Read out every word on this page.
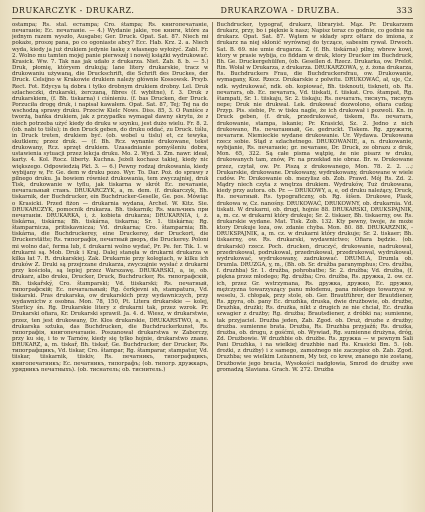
DRUKARCZYK - DRUKARZ.	DRUKARZOWA - DRUZBA.	333

ostampa; Rs. stal. eстampa; Cro. štampa; Rs. книгопечатаніе, печатаніе; Ec. печатаніе. — 4.) Wydanie jakie, тое книги, które za jednym razem wyszło, Ausgabe; Ger. Druck. Opat. Sat. 87. Niech mi pokaże, proszę pana, po co ogoniaste abcy? Ecc. Hab. Krz. 2. a. Niech wyda, kiedy ja już drukiem jedynie łaskę z własnego wyłożyć. Zabl. Fr. 2. Wolno mu tamten mojej panie pierwszéj i nowéj książki wydrukować. Krasick. Ww. 7. Tak nas jak udało z drukarza. Niet. Zab. 8. b. — 5.) Druk, płomię, któryem drukują; lane litery drukarskie, tracz w drukowaniu używaną, die Druckschrift, die Schrift des Druckes, der Druck. Celsijno w Krakowie drukiem należy głównie Kossowsk. Prsyb. Rect. Fot. Edycya tą dobra i tylko drobnym drukiem drobny. Lel. Druk szlacheczki, drukarski, żerczaną, fibres (f. wybitne), f. 3. Druk z drukarskiem, (f. Bh. tiskarna) i ciśnieniu. (f. bas Drucken, der Druck. Porzuciła drogę druk, i napisał kawałem. Opat. Sat. 87, Tej; Tej na do wschodzą sprawy druku. Przeciw Kielc Nows. Diss. 85, 3. O Paniśce z tworżą, bańka drukiem, jak z przypadku wymagał dawny skrytu, że z niech potrzeba użyć kiedy do druku w szynku, jest dużo wielu. Fr. 8. 2. (ob. nabi to tiślu); in den Druck geben, do druku oddać, zu Druck. tiślu, in Druck treten, drukiem być. (ob. wobel u tislu) et, cz tewyka, skutkiem; przez druk. — (f. Bh. Rcz. wynanie drukowane, tekst drukowany, Rcz. sprzęt drukiem. Uzasadnianie pomyśleniu dobra, ustawienia sytuacji przez lekcja druku. Mo. 2. Wyd. 3. Zm. nawr. ideał, karty. 4. Kol. Rocz. liberty. Kuchna. Jeżeli kochasz takiej, kiedy nic większego. Odpowiedzią Pkt. 3. — 6.) Pewny rodzaj drukowania, kiedy wybijany w, Fr. Ge. dem w druku pozo. Wyr. To. Dar. Poż. do sprawy z pilnego druku. Ja bowiem również drukowania, tem zwyczajniej, druk Tisk, drukowanie w tyflu, jak tiskarna w skrót Ec. печатаніе, печатальный станъ. DRUKARCZYK, a, m. dem. (f. drukarczyk, Bh. tiskarnik, der Buchdrucker, ein Buchdrucker-Geselle, Ge. pos. Mówiąc o Krasicki. Przed fiżon — drukarnia wydana, Archel. W. Kitz. Sie. DRUKARCZYK, pomocnik drukarza. Bh. tiskarnik; Rs. мальчикъ при печатаніи. DRUKARKA, i, ż. kobieta drukarza; DRUKARNIA, i, ż. tiskárna, tiskárna; Bh. tiskárna, tiskarna; Sr. 1. tiiskárna; Rg. štamparnicza, pritiskavnicza; Vd. drukarna; Cro. štamparnia; Bh. tiskárna, die Buchdruckerey, eine Druckerey, der Druckort, die Druckerstätte; Rs. типографія, печатный дворъ, die Druckerey. Poloni mi wolno dać, ferma lub, f. drukarni wolno wydać, Pr. Pe. fer. Tik. 1. w drukarni są. Mob. Druk i Kraj. Dalej stanęła w drukarni drukarza w kilka łat 7. R. drukarskiej. Zak. Drukarnie przy kolegiach, w kilku ich druków Z. Druki są przejrzane drukarza, zwyczajnie wysłać z drukarni przy kościoła, są lepiej przez Warszawę. DRUKARSKI, a, ie, ob. drukarz, albo druku, Drucker, Druck, Buchdrucker, Rs. типографскій, Bh. tiskařský, Cro. štamparski; Vd. tiiskarski; Rs. печатный, типографскій; Ec. печатальный; Rg. čerkjevni sh, stampatura, Vd. tiskarski. Pras drukarska, ow drukarskich przy wydawniczych, przy wydawnictw z osobna. Mon. 78, 150, Pt. Litera drukarskie — kolej, Sterlicy śn. Rg. Drukarskie litery z drukarni tak, przez wzrok. Pr. Drukarski ofiara, Kr. Drukarski sprawił. Ja. 4. d. Wiesz, w drukarstwie, przez, ten jest drukowany, Dr. Kłos drukarskie, DRUKARSTWO, a, n. drukarska sztuka, das Buchdrucken, die Buchdruckerkunst, Rs. типографія, книгопечатаніе. Poszanował drukarstwa w Zaborczy, przy ku się, i to w Tarnów, kiedy się tylko hojnie, drukarstwo znane. DRUKARZ, a, m. tiskař, Bh. tiskař, Ge. Buchdrucker, der Drucker, Rs. типографщикъ, Vd. tiskar, Cro. štampar, Rg. štamparar, stampatur, Vd. tiiskar, tiiskarnik, tiiskiv, Rs. печатникъ, типографщикъ, книгопечатникъ; Ec. печатникъ, типографъ; (ob. типогр. дружкаръ, урядникъ печатныхъ). (ob. тиснатель; ob. тиснитель.)

Buchdrucker, typograf, drukarz, libraryist. Mąz. Pr. Drukarzem drukarz, przy, bo i pięknie k nasz; Napisz teraz co godnie, co godnie na drukarz. Opat. Sat. 87. Wątem w składy sprz ołtarz do imiona, z drukarz na niej skłonić wyrównej do tyczące, sabesim rywał. Drwoch. Sat. B. 69. nie umie drugarza. Z. (f. Bh. tiskárna) pilny, wbrew kowi, ktory w prasie wybija, co fiddam w druk, ktory Drucker im Buchdruck, Bh. Ge. Druckergehülfen, (ob. Gesellen d. Rzecz. Drukarka, ow. Prelot. Rin. Wołał w Drukarza, z drukarza. DRUKARZOWA, y, ż. żona drukarza, Rs. Buchdruckers Frau, die Buchdruckersfrau, ow. Drukowanie, wymagany, Koz. Rzecz. Drukarskie z polwitu. DRUKOWAĆ, ał, uje, Cz. ndk. wydrukować, ndk. ob. kopiować, Bh. tisknouti, tiskneti, ob. Rs. печатать, ob. Ec. печатать, Vd. tiiskati, f. tiiskat. Cro. štampat, Rg. štampati, Sr. 1. tiiskaju, Sr. 2. tiskaju; Rs. печатать, тиснуть, тиснуть пере; Druk nie drukwał. Lek. drukować dozwolono, ofiara cudzą; Przyp. Pis. siebie, Pr. w tisku nagle, że ich drukował i pozwoli. Kn. in Druck geben, (f. druk, przedrukować, tiskem, Rs. печатать, drukowanie, stampa, iskanie; Pr. Krasicki, Sz. 2. Jedno z nich drukowano, Rs. печатанный, Ge. gedruckt. Tiskem. Rg. дружити, печатати. Niemieckie wydane drukowanie. Ur. Wydawa. Drukowana rzecz sobie. Stąd z szlachetnego. DRUKOWANIE, a, n. drukowanie, wybijanie, Rs. печатаніе; gr. печатане, Dr. Druck, ze obrazu z druk, Mon. 65, 322. Są całe pisma wątpię, że nie pisarz w druku, drukowanych tam, znów, Pr. na przekład nie obraz. Br. w. Drukowane przez, czytał, ow. Pr. Piszą z drukowanego, Mon. 78. 2. 2. ...; Drukarskie, drukowane. Drukowany, wydrukowany, drukowane w wiele cudów. Pr. Drukowanie ob. mezylisz ob. Zob. Prawd. Mój Rs. Zd. 2. Mądry niech czyta z wnętrza drukiem. Wydruków, Tuż drukowana, kiedy przy autora. ob. Pr. — DRUKOWY, a, e, od druku należący, Druck, Rs. печатный. Rs. typograficzny, ob. Rg. šišen. Drukowe, Plask, drukowa w, Cz. nanośny. DRUKOWAĆ, DRUKOWNY, ob. drukarnia. Vd. tiskati. W drukarni, ob. drugi, hojnie 88. DRUKARSKI, DRUKSPAJNIK, a, m. cz. w drukarni który drukuje; Sr. 2. tiskaer, Bh. tiskaerny, ow. Rs. drukarskie wydane. Mat. Tisk. Zob. 132. Kty pewny, twoje, że może ktory Drukuje loza, ow. zdanie chyba. Mon. 80. 88. DRUKARZNIK, -DRUKSPAJNIK, a, m. cz. w drukarni który drukuje; Sr. 2. tiskaer; Bh. tiskaerny, ow. Rs. drukarski, wydawnictwo; Ofiara będzie. (ob. drukarski) rzecz. Poch. drucken, druczyć, drukowanie, nadrukowal, przedrukowal, podrukowal, przedrukowal, przedrukowal, wydrukowal, wydrukować, wydrukowany, zadrukować. DRUMLA, Drumla ob. Drumla. DRUZGA, y, m., (Bh. ob. Sr. družba paranymphus; Cro. družba, f. druzhba) Sr. 1. družba, pohrobatbe; Sr. 2. družba; Vd. družba, (f. piękna przez młodego; Rg. družba; Cro. družba, Rs. дружка, 2. ow. cz. ich, przez Gr. wstrzymana, Rs. дружка, дружко, Ec. дружко, mężczyzna towarzyszący panu młodemu, pana młodego towarzysz w weselu, 3. chłopak, przy stole, ob. Ger. Brautführer, der Brautdiener, Rs. друга, ob. pany Ec. druzhka, druska, dwie drużbowie, ob. drużbe, Druzhka, drużki; Rs. drużka, nikt z drugich ze nie chciał, Ec. drużka szwagier z drużby; Rg. drużba; Brautsdiener, z dróbki na; sumienne, tak przyjaciel. Drużba jeden, Zab. Zgod. ob. Druż, druzhe z drużby; drużba. sumienne brata. Drużba, Rs. Druzhba przyjaźń; Rs. drużka, drużba, ob. drugu, z gośćmi, ob. Wywiad, Rg. sumienne drużyna, dróg, Zd. Drużbowie. W druzhbie ob. drużbe. Rs. дружка — w pewnym Sali Pani Druzhka, i na wielkiej druzhbie nad Rs. Krasicki Bm. 5. (ob. drożki, z drużby) i z samego, zamożnego nie zaczepisz ob. Zab. Zgod. Druzhba; we wielkim Leżannem, My też, co krew, znanego nie zostanę, Drużbowie jego bracia, Wysokości nadgłowia, Smrod do drużby swe gromadzą Slaviana. Grach. W. 272. Drużba
